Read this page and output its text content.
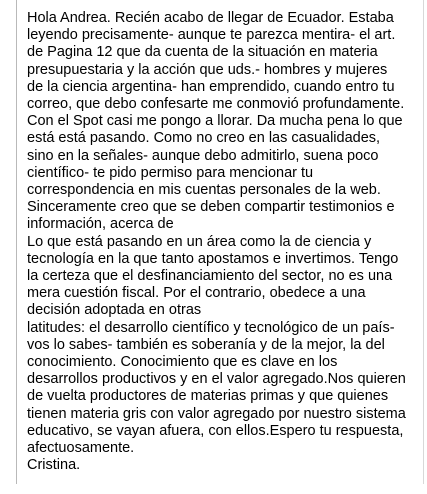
Hola Andrea. Recién acabo de llegar de Ecuador. Estaba
leyendo precisamente- aunque te parezca mentira- el art.
de Pagina 12 que da cuenta de la situación en materia
presupuestaria y la acción que uds.- hombres y mujeres
de la ciencia argentina- han emprendido, cuando entro tu
correo, que debo confesarte me conmovió profundamente.
Con el Spot casi me pongo a llorar. Da mucha pena lo que
está está pasando. Como no creo en las casualidades,
sino en la señales- aunque debo admitirlo, suena poco
científico- te pido permiso para mencionar tu
correspondencia en mis cuentas personales de la web.
Sinceramente creo que se deben compartir testimonios e
información, acerca de
Lo que está pasando en un área como la de ciencia y
tecnología en la que tanto apostamos e invertimos. Tengo
la certeza que el desfinanciamiento del sector, no es una
mera cuestión fiscal. Por el contrario, obedece a una
decisión adoptada en otras
latitudes: el desarrollo científico y tecnológico de un país-
vos lo sabes- también es soberanía y de la mejor, la del
conocimiento. Conocimiento que es clave en los
desarrollos productivos y en el valor agregado.Nos quieren
de vuelta productores de materias primas y que quienes
tienen materia gris con valor agregado por nuestro sistema
educativo, se vayan afuera, con ellos.Espero tu respuesta,
afectuosamente.
Cristina.
